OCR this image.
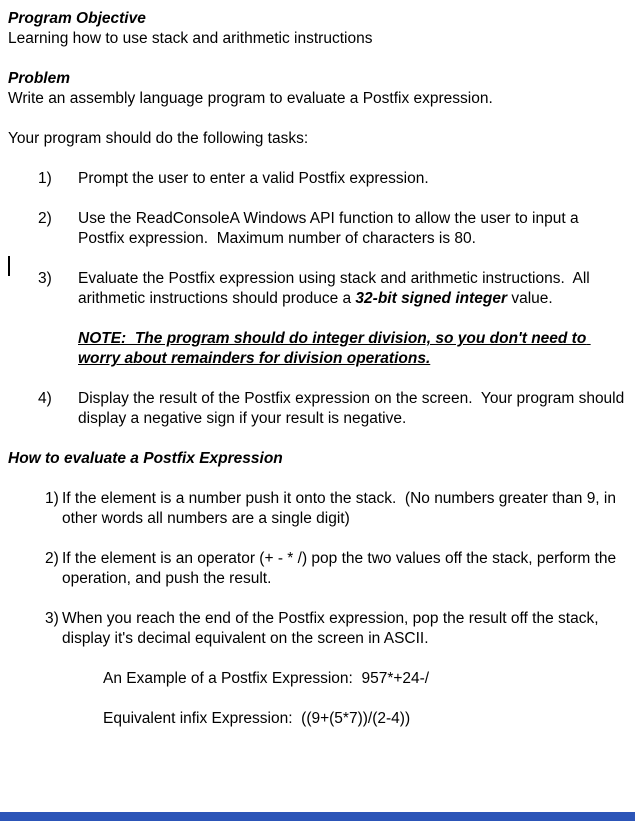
Program Objective

Learning how to use stack and arithmetic instructions

Problem

Write an assembly language program to evaluate a Postfix expression.

Your program should do the following tasks:

1)	Prompt the user to enter a valid Postfix expression.
2)	Use the ReadConsoleA Windows API function to allow the user to input a Postfix expression.  Maximum number of characters is 80.
3)	Evaluate the Postfix expression using stack and arithmetic instructions.  All arithmetic instructions should produce a 32-bit signed integer value.

NOTE:  The program should do integer division, so you don't need to worry about remainders for division operations.

4)	Display the result of the Postfix expression on the screen.  Your program should display a negative sign if your result is negative.

How to evaluate a Postfix Expression

1) If the element is a number push it onto the stack.  (No numbers greater than 9, in other words all numbers are a single digit)
2) If the element is an operator (+ - * /) pop the two values off the stack, perform the operation, and push the result.
3) When you reach the end of the Postfix expression, pop the result off the stack, display it's decimal equivalent on the screen in ASCII.

An Example of a Postfix Expression:  957*+24-/

Equivalent infix Expression:  ((9+(5*7))/(2-4))
